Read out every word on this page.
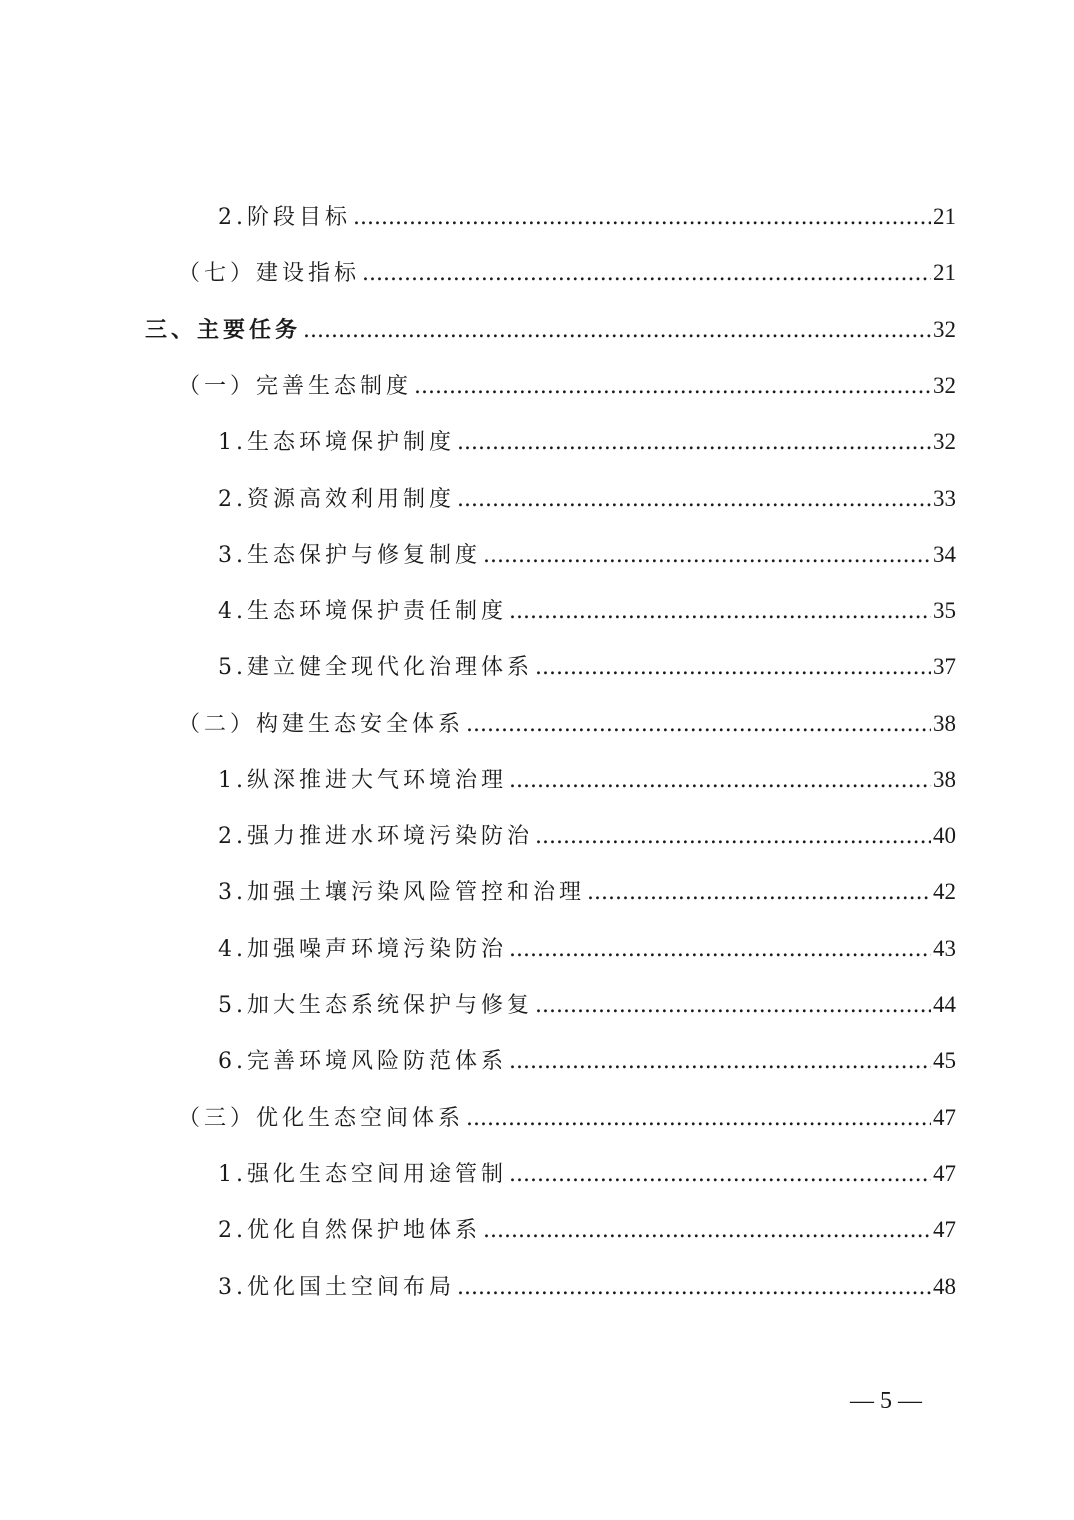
2.阶段目标 .....	21
（七）建设指标 .....	21
三、主要任务 .....	32
（一）完善生态制度 .....	32
1.生态环境保护制度 .....	32
2.资源高效利用制度 .....	33
3.生态保护与修复制度 .....	34
4.生态环境保护责任制度 .....	35
5.建立健全现代化治理体系 .....	37
（二）构建生态安全体系 .....	38
1.纵深推进大气环境治理 .....	38
2.强力推进水环境污染防治 .....	40
3.加强土壤污染风险管控和治理 .....	42
4.加强噪声环境污染防治 .....	43
5.加大生态系统保护与修复 .....	44
6.完善环境风险防范体系 .....	45
（三）优化生态空间体系 .....	47
1.强化生态空间用途管制 .....	47
2.优化自然保护地体系 .....	47
3.优化国土空间布局 .....	48
— 5 —
